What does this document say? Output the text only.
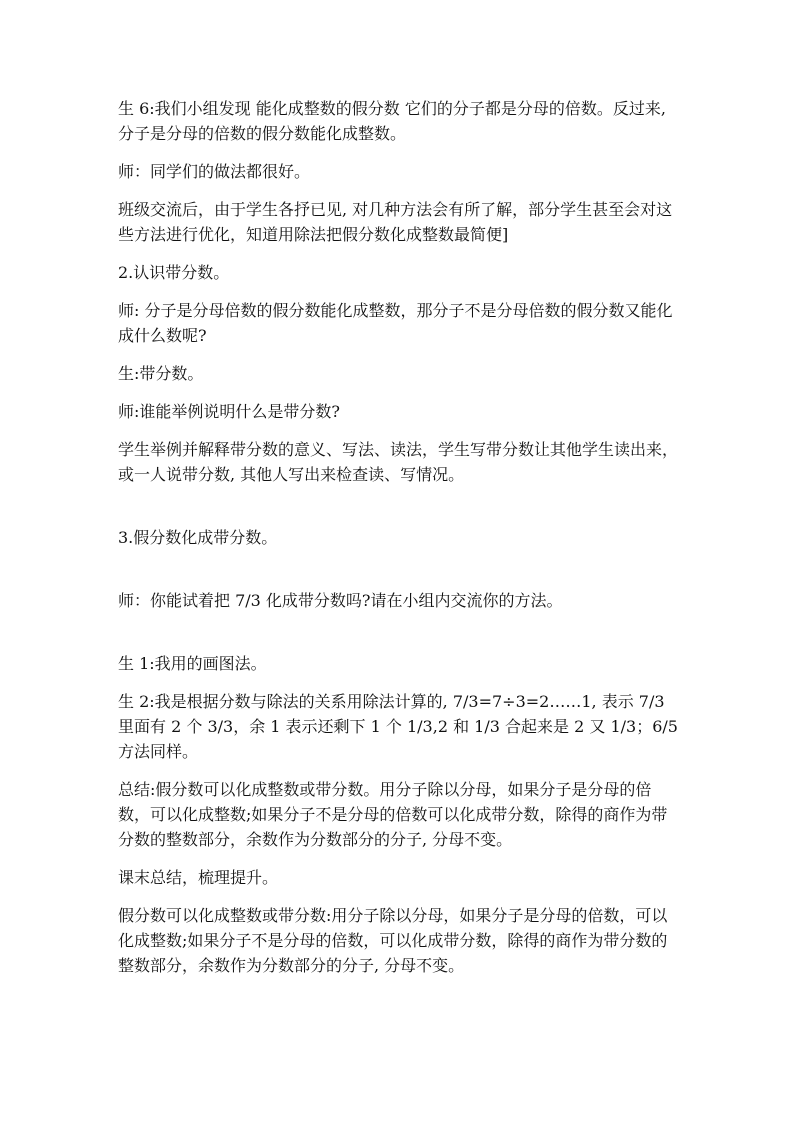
生 6:我们小组发现 能化成整数的假分数 它们的分子都是分母的倍数。反过来, 分子是分母的倍数的假分数能化成整数。

师：同学们的做法都很好。

班级交流后，由于学生各抒已见, 对几种方法会有所了解，部分学生甚至会对这些方法进行优化，知道用除法把假分数化成整数最简便]

2.认识带分数。

师: 分子是分母倍数的假分数能化成整数，那分子不是分母倍数的假分数又能化成什么数呢?

生:带分数。

师:谁能举例说明什么是带分数?

学生举例并解释带分数的意义、写法、读法，学生写带分数让其他学生读出来，或一人说带分数, 其他人写出来检查读、写情况。

3.假分数化成带分数。

师：你能试着把 7/3 化成带分数吗?请在小组内交流你的方法。

生 1:我用的画图法。

生 2:我是根据分数与除法的关系用除法计算的, 7/3=7÷3=2……1, 表示 7/3 里面有 2 个 3/3，余 1 表示还剩下 1 个 1/3,2 和 1/3 合起来是 2 又 1/3；6/5 方法同样。

总结:假分数可以化成整数或带分数。用分子除以分母，如果分子是分母的倍数，可以化成整数;如果分子不是分母的倍数可以化成带分数，除得的商作为带分数的整数部分，余数作为分数部分的分子, 分母不变。

课末总结，梳理提升。

假分数可以化成整数或带分数:用分子除以分母，如果分子是分母的倍数，可以化成整数;如果分子不是分母的倍数，可以化成带分数，除得的商作为带分数的整数部分，余数作为分数部分的分子, 分母不变。
